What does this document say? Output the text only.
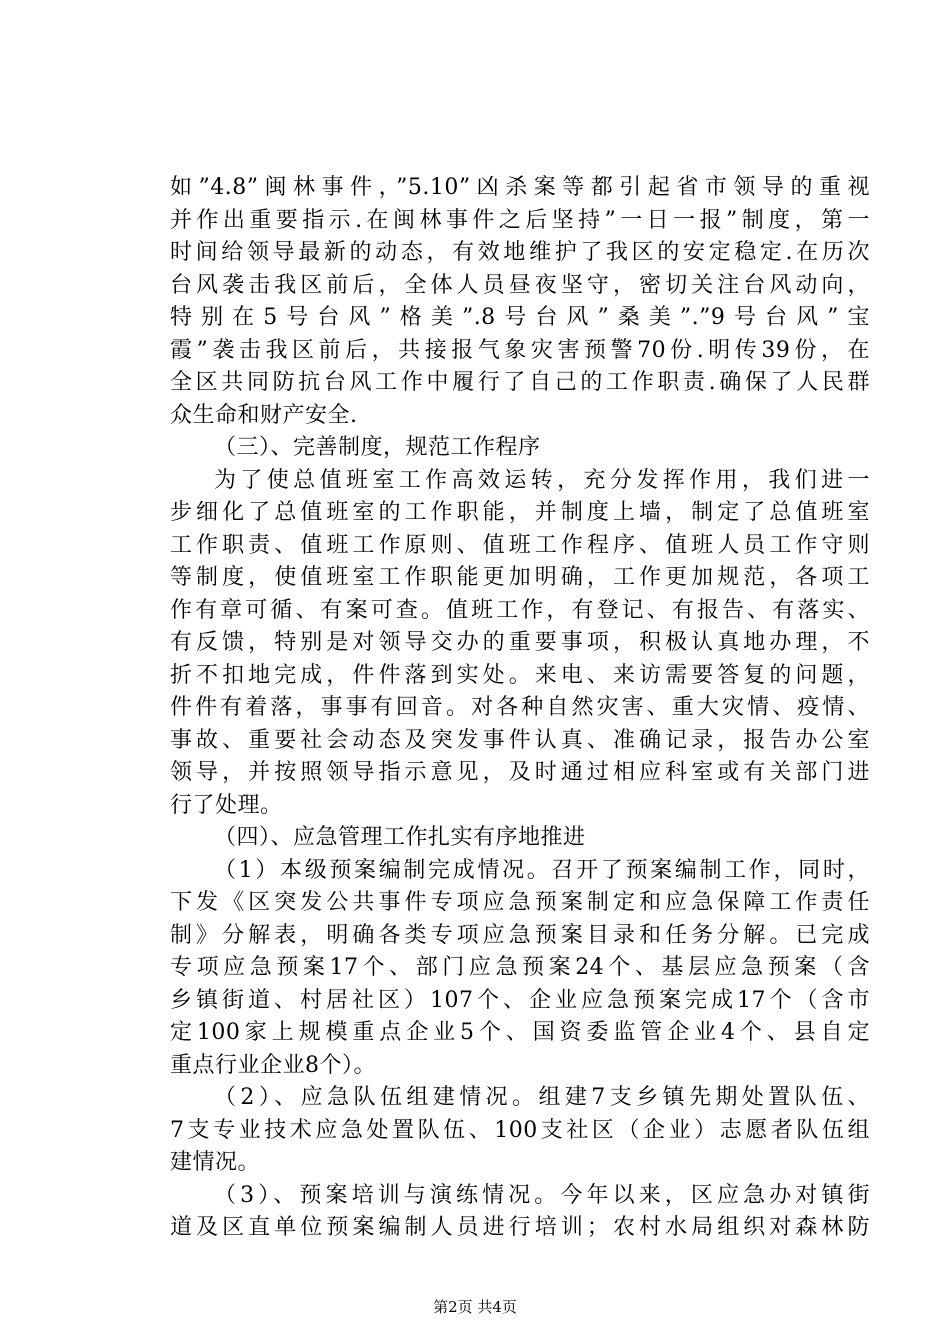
如”4.8”闽林事件，”5.10”凶杀案等都引起省市领导的重视
并作出重要指示.在闽林事件之后坚持”一日一报”制度，第一
时间给领导最新的动态，有效地维护了我区的安定稳定.在历次
台风袭击我区前后，全体人员昼夜坚守，密切关注台风动向，
特别在5号台风”格美”.8号台风”桑美”.”9号台风”宝
霞”袭击我区前后，共接报气象灾害预警70份.明传39份，在
全区共同防抗台风工作中履行了自己的工作职责.确保了人民群
众生命和财产安全.
（三）、完善制度，规范工作程序
为了使总值班室工作高效运转，充分发挥作用，我们进一
步细化了总值班室的工作职能，并制度上墙，制定了总值班室
工作职责、值班工作原则、值班工作程序、值班人员工作守则
等制度，使值班室工作职能更加明确，工作更加规范，各项工
作有章可循、有案可查。值班工作，有登记、有报告、有落实、
有反馈，特别是对领导交办的重要事项，积极认真地办理，不
折不扣地完成，件件落到实处。来电、来访需要答复的问题，
件件有着落，事事有回音。对各种自然灾害、重大灾情、疫情、
事故、重要社会动态及突发事件认真、准确记录，报告办公室
领导，并按照领导指示意见，及时通过相应科室或有关部门进
行了处理。
（四）、应急管理工作扎实有序地推进
（1）本级预案编制完成情况。召开了预案编制工作，同时，
下发《区突发公共事件专项应急预案制定和应急保障工作责任
制》分解表，明确各类专项应急预案目录和任务分解。已完成
专项应急预案17个、部门应急预案24个、基层应急预案（含
乡镇街道、村居社区）107个、企业应急预案完成17个（含市
定100家上规模重点企业5个、国资委监管企业4个、县自定
重点行业企业8个）。
（2）、应急队伍组建情况。组建7支乡镇先期处置队伍、
7支专业技术应急处置队伍、100支社区（企业）志愿者队伍组
建情况。
（3）、预案培训与演练情况。今年以来，区应急办对镇街
道及区直单位预案编制人员进行培训；农村水局组织对森林防
第2页 共4页
